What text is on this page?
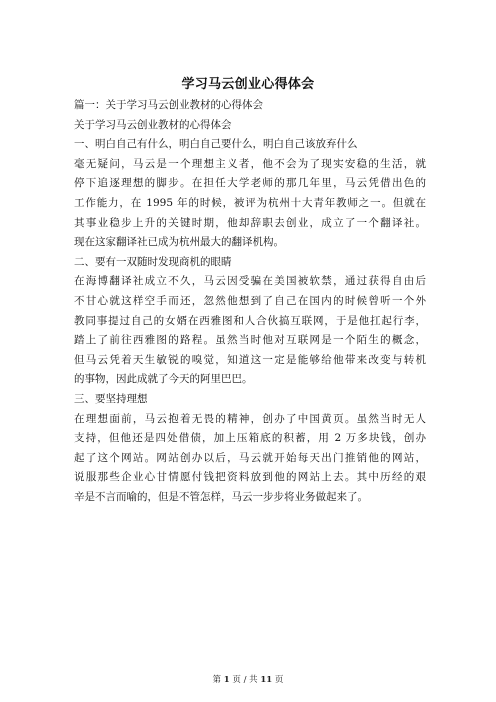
学习马云创业心得体会
篇一：关于学习马云创业教材的心得体会
关于学习马云创业教材的心得体会
一、明白自己有什么，明白自己要什么，明白自己该放弃什么
毫无疑问，马云是一个理想主义者，他不会为了现实安稳的生活，就
停下追逐理想的脚步。在担任大学老师的那几年里，马云凭借出色的
工作能力，在 1995 年的时候，被评为杭州十大青年教师之一。但就在
其事业稳步上升的关键时期，他却辞职去创业，成立了一个翻译社。
现在这家翻译社已成为杭州最大的翻译机构。
二、要有一双随时发现商机的眼睛
在海博翻译社成立不久，马云因受骗在美国被软禁，通过获得自由后
不甘心就这样空手而还，忽然他想到了自己在国内的时候曾听一个外
教同事提过自己的女婿在西雅图和人合伙搞互联网，于是他扛起行李，
踏上了前往西雅图的路程。虽然当时他对互联网是一个陌生的概念，
但马云凭着天生敏锐的嗅觉，知道这一定是能够给他带来改变与转机
的事物，因此成就了今天的阿里巴巴。
三、要坚持理想
在理想面前，马云抱着无畏的精神，创办了中国黄页。虽然当时无人
支持，但他还是四处借债，加上压箱底的积蓄，用 2 万多块钱，创办
起了这个网站。网站创办以后，马云就开始每天出门推销他的网站，
说服那些企业心甘情愿付钱把资料放到他的网站上去。其中历经的艰
辛是不言而喻的，但是不管怎样，马云一步步将业务做起来了。
第 1 页 / 共 11 页
